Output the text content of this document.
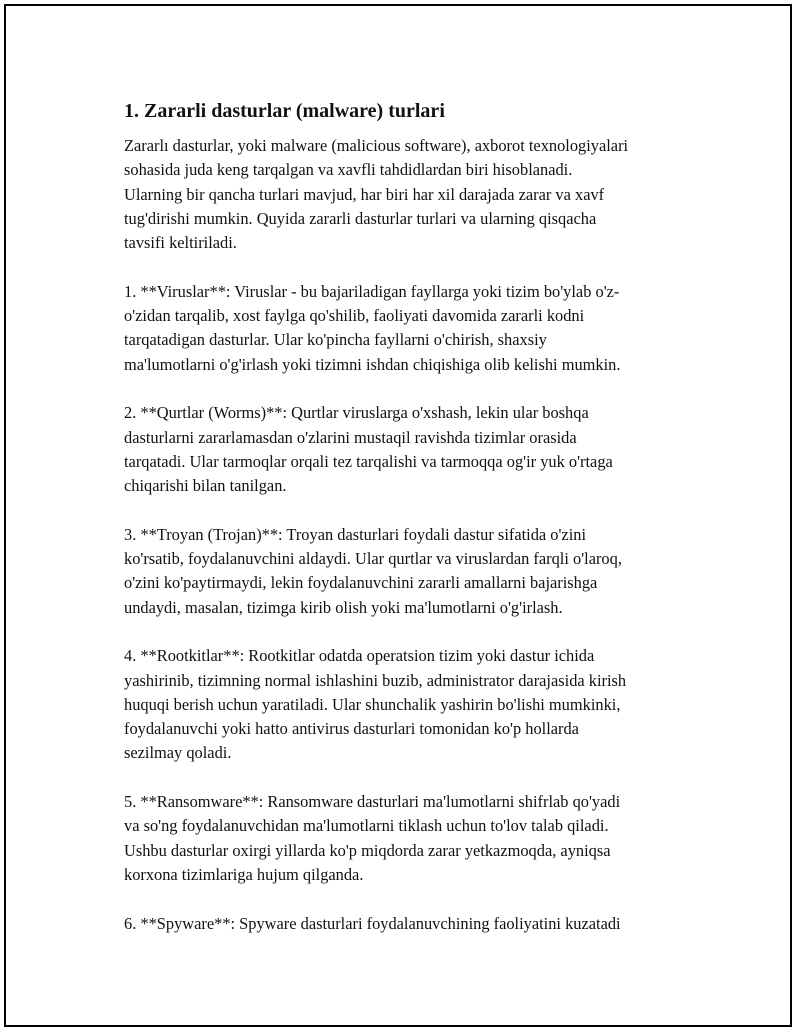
1. Zararli dasturlar (malware) turlari

Zararlı dasturlar, yoki malware (malicious software), axborot texnologiyalari
sohasida juda keng tarqalgan va xavfli tahdidlardan biri hisoblanadi.
Ularning bir qancha turlari mavjud, har biri har xil darajada zarar va xavf
tug'dirishi mumkin. Quyida zararli dasturlar turlari va ularning qisqacha
tavsifi keltiriladi.

1. **Viruslar**: Viruslar - bu bajariladigan fayllarga yoki tizim bo'ylab o'z-
o'zidan tarqalib, xost faylga qo'shilib, faoliyati davomida zararli kodni
tarqatadigan dasturlar. Ular ko'pincha fayllarni o'chirish, shaxsiy
ma'lumotlarni o'g'irlash yoki tizimni ishdan chiqishiga olib kelishi mumkin.

2. **Qurtlar (Worms)**: Qurtlar viruslarga o'xshash, lekin ular boshqa
dasturlarni zararlamasdan o'zlarini mustaqil ravishda tizimlar orasida
tarqatadi. Ular tarmoqlar orqali tez tarqalishi va tarmoqqa og'ir yuk o'rtaga
chiqarishi bilan tanilgan.

3. **Troyan (Trojan)**: Troyan dasturlari foydali dastur sifatida o'zini
ko'rsatib, foydalanuvchini aldaydi. Ular qurtlar va viruslardan farqli o'laroq,
o'zini ko'paytirmaydi, lekin foydalanuvchini zararli amallarni bajarishga
undaydi, masalan, tizimga kirib olish yoki ma'lumotlarni o'g'irlash.

4. **Rootkitlar**: Rootkitlar odatda operatsion tizim yoki dastur ichida
yashirinib, tizimning normal ishlashini buzib, administrator darajasida kirish
huquqi berish uchun yaratiladi. Ular shunchalik yashirin bo'lishi mumkinki,
foydalanuvchi yoki hatto antivirus dasturlari tomonidan ko'p hollarda
sezilmay qoladi.

5. **Ransomware**: Ransomware dasturlari ma'lumotlarni shifrlab qo'yadi
va so'ng foydalanuvchidan ma'lumotlarni tiklash uchun to'lov talab qiladi.
Ushbu dasturlar oxirgi yillarda ko'p miqdorda zarar yetkazmoqda, ayniqsa
korxona tizimlariga hujum qilganda.

6. **Spyware**: Spyware dasturlari foydalanuvchining faoliyatini kuzatadi
